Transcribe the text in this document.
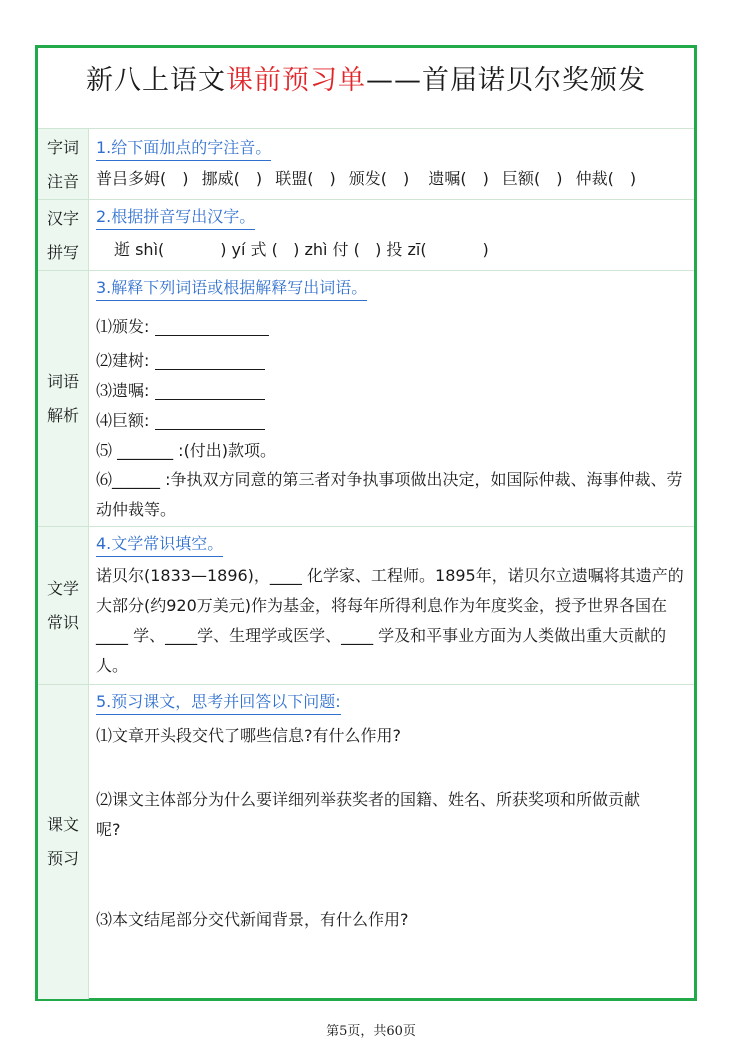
新八上语文课前预习单——首届诺贝尔奖颁发
字词
注音
1.给下面加点的字注音。
普吕多姆( ) 挪威( ) 联盟( ) 颁发( ) 遗嘱( ) 巨额( ) 仲裁( )
汉字
拼写
2.根据拼音写出汉字。
逝 shì(           ) yí 式 (   ) zhì 付 (   ) 投 zī(           )
词语
解析
3.解释下列词语或根据解释写出词语。
⑴颁发:
⑵建树:
⑶遗嘱:
⑷巨额:
⑸ _______ :(付出)款项。
⑹______ :争执双方同意的第三者对争执事项做出决定，如国际仲裁、海事仲裁、劳动仲裁等。
文学
常识
4.文学常识填空。
诺贝尔(1833—1896)，____ 化学家、工程师。1895年，诺贝尔立遗嘱将其遗产的大部分(约920万美元)作为基金，将每年所得利息作为年度奖金，授予世界各国在____ 学、____学、生理学或医学、____ 学及和平事业方面为人类做出重大贡献的人。
课文
预习
5.预习课文，思考并回答以下问题:
⑴文章开头段交代了哪些信息?有什么作用?
⑵课文主体部分为什么要详细列举获奖者的国籍、姓名、所获奖项和所做贡献呢?
⑶本文结尾部分交代新闻背景，有什么作用?
第5页，共60页
